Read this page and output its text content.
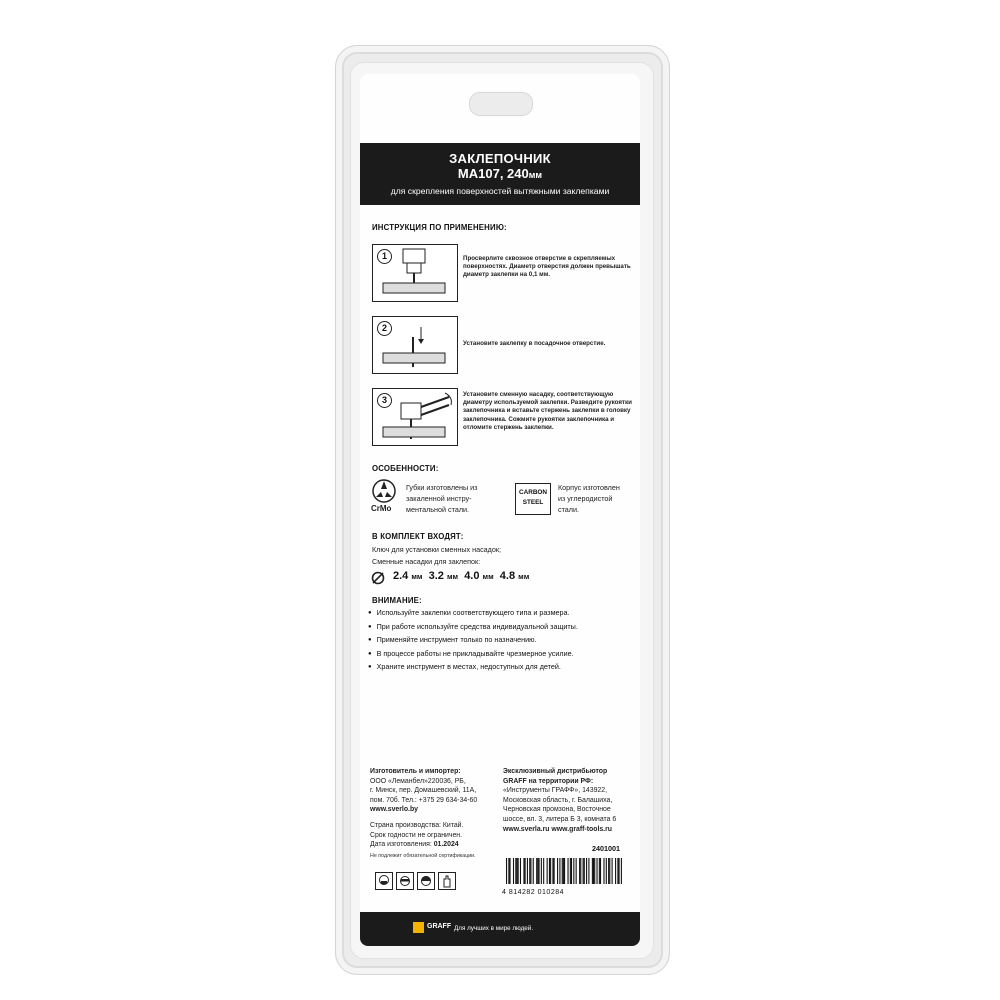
ЗАКЛЕПОЧНИК
MA107, 240мм
для скрепления поверхностей вытяжными заклепками
ИНСТРУКЦИЯ ПО ПРИМЕНЕНИЮ:
1	Просверлите сквозное отверстие в скрепляемых поверхностях. Диаметр отверстия должен превышать диаметр заклепки на 0,1 мм.
2
Установите заклепку в посадочное отверстие.
3
Установите сменную насадку, соответствующую диаметру используемой заклепки. Разведите рукоятки заклепочника и вставьте стержень заклепки в головку заклепочника. Сожмите рукоятки заклепочника и отломите стержень заклепки.
ОСОБЕННОСТИ:
CrMo
Губки изготовлены из
закаленной инстру-
ментальной стали.
CARBON
STEEL
Корпус изготовлен
из углеродистой
стали.
В КОМПЛЕКТ ВХОДЯТ:
Ключ для установки сменных насадок;
Сменные насадки для заклепок:
2.4 мм 3.2 мм 4.0 мм 4.8 мм
ВНИМАНИЕ:
● Используйте заклепки соответствующего типа и размера.
● При работе используйте средства индивидуальной защиты.
● Применяйте инструмент только по назначению.
● В процессе работы не прикладывайте чрезмерное усилие.
● Храните инструмент в местах, недоступных для детей.
Изготовитель и импортер:
ООО «Леманбел»220036, РБ,
г. Минск, пер. Домашевский, 11А,
пом. 70б. Тел.: +375 29 634-34-60
www.sverlo.by
Страна производства: Китай.
Срок годности не ограничен.
Дата изготовления: 01.2024
Не подлежит обязательной сертификации.
Эксклюзивный дистрибьютор
GRAFF на территории РФ:
«Инструменты ГРАФФ», 143922,
Московская область, г. Балашиха,
Черновская промзона, Восточное
шоссе, вл. 3, литера Б 3, комната 6
www.sverla.ru www.graff-tools.ru
2401001
4 814282 010284
GRAFF Для лучших в мире людей.
